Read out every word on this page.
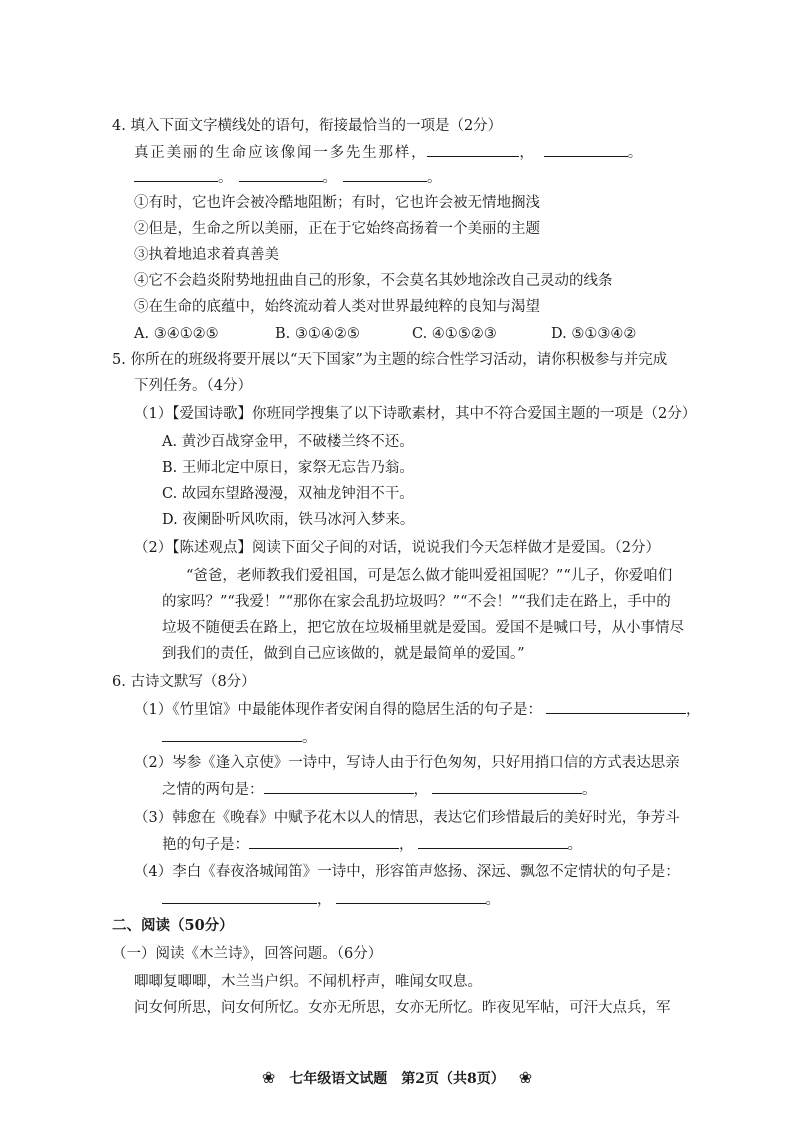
4. 填入下面文字横线处的语句，衔接最恰当的一项是（2分）
真正美丽的生命应该像闻一多先生那样，	，	。
。	。	。
①有时，它也许会被冷酷地阻断；有时，它也许会被无情地搁浅
②但是，生命之所以美丽，正在于它始终高扬着一个美丽的主题
③执着地追求着真善美
④它不会趋炎附势地扭曲自己的形象，不会莫名其妙地涂改自己灵动的线条
⑤在生命的底蕴中，始终流动着人类对世界最纯粹的良知与渴望
A. ③④①②⑤	B. ③①④②⑤	C. ④①⑤②③	D. ⑤①③④②
5. 你所在的班级将要开展以“天下国家”为主题的综合性学习活动，请你积极参与并完成
下列任务。（4分）
（1）【爱国诗歌】你班同学搜集了以下诗歌素材，其中不符合爱国主题的一项是（2分）
A. 黄沙百战穿金甲，不破楼兰终不还。
B. 王师北定中原日，家祭无忘告乃翁。
C. 故园东望路漫漫，双袖龙钟泪不干。
D. 夜阑卧听风吹雨，铁马冰河入梦来。
（2）【陈述观点】阅读下面父子间的对话，说说我们今天怎样做才是爱国。（2分）
“爸爸，老师教我们爱祖国，可是怎么做才能叫爱祖国呢？”“儿子，你爱咱们
的家吗？”“我爱！”“那你在家会乱扔垃圾吗？”“不会！”“我们走在路上，手中的
垃圾不随便丢在路上，把它放在垃圾桶里就是爱国。爱国不是喊口号，从小事情尽
到我们的责任，做到自己应该做的，就是最简单的爱国。”
6. 古诗文默写（8分）
（1）《竹里馆》中最能体现作者安闲自得的隐居生活的句子是：	，
。
（2）岑参《逢入京使》一诗中，写诗人由于行色匆匆，只好用捎口信的方式表达思亲
之情的两句是：	，	。
（3）韩愈在《晚春》中赋予花木以人的情思，表达它们珍惜最后的美好时光，争芳斗
艳的句子是：	，	。
（4）李白《春夜洛城闻笛》一诗中，形容笛声悠扬、深远、飘忽不定情状的句子是：
，	。
二、阅读（50分）
（一）阅读《木兰诗》，回答问题。（6分）
唧唧复唧唧，木兰当户织。不闻机杼声，唯闻女叹息。
问女何所思，问女何所忆。女亦无所思，女亦无所忆。昨夜见军帖，可汗大点兵，军
❀ 七年级语文试题　第2页（共8页） ❀
